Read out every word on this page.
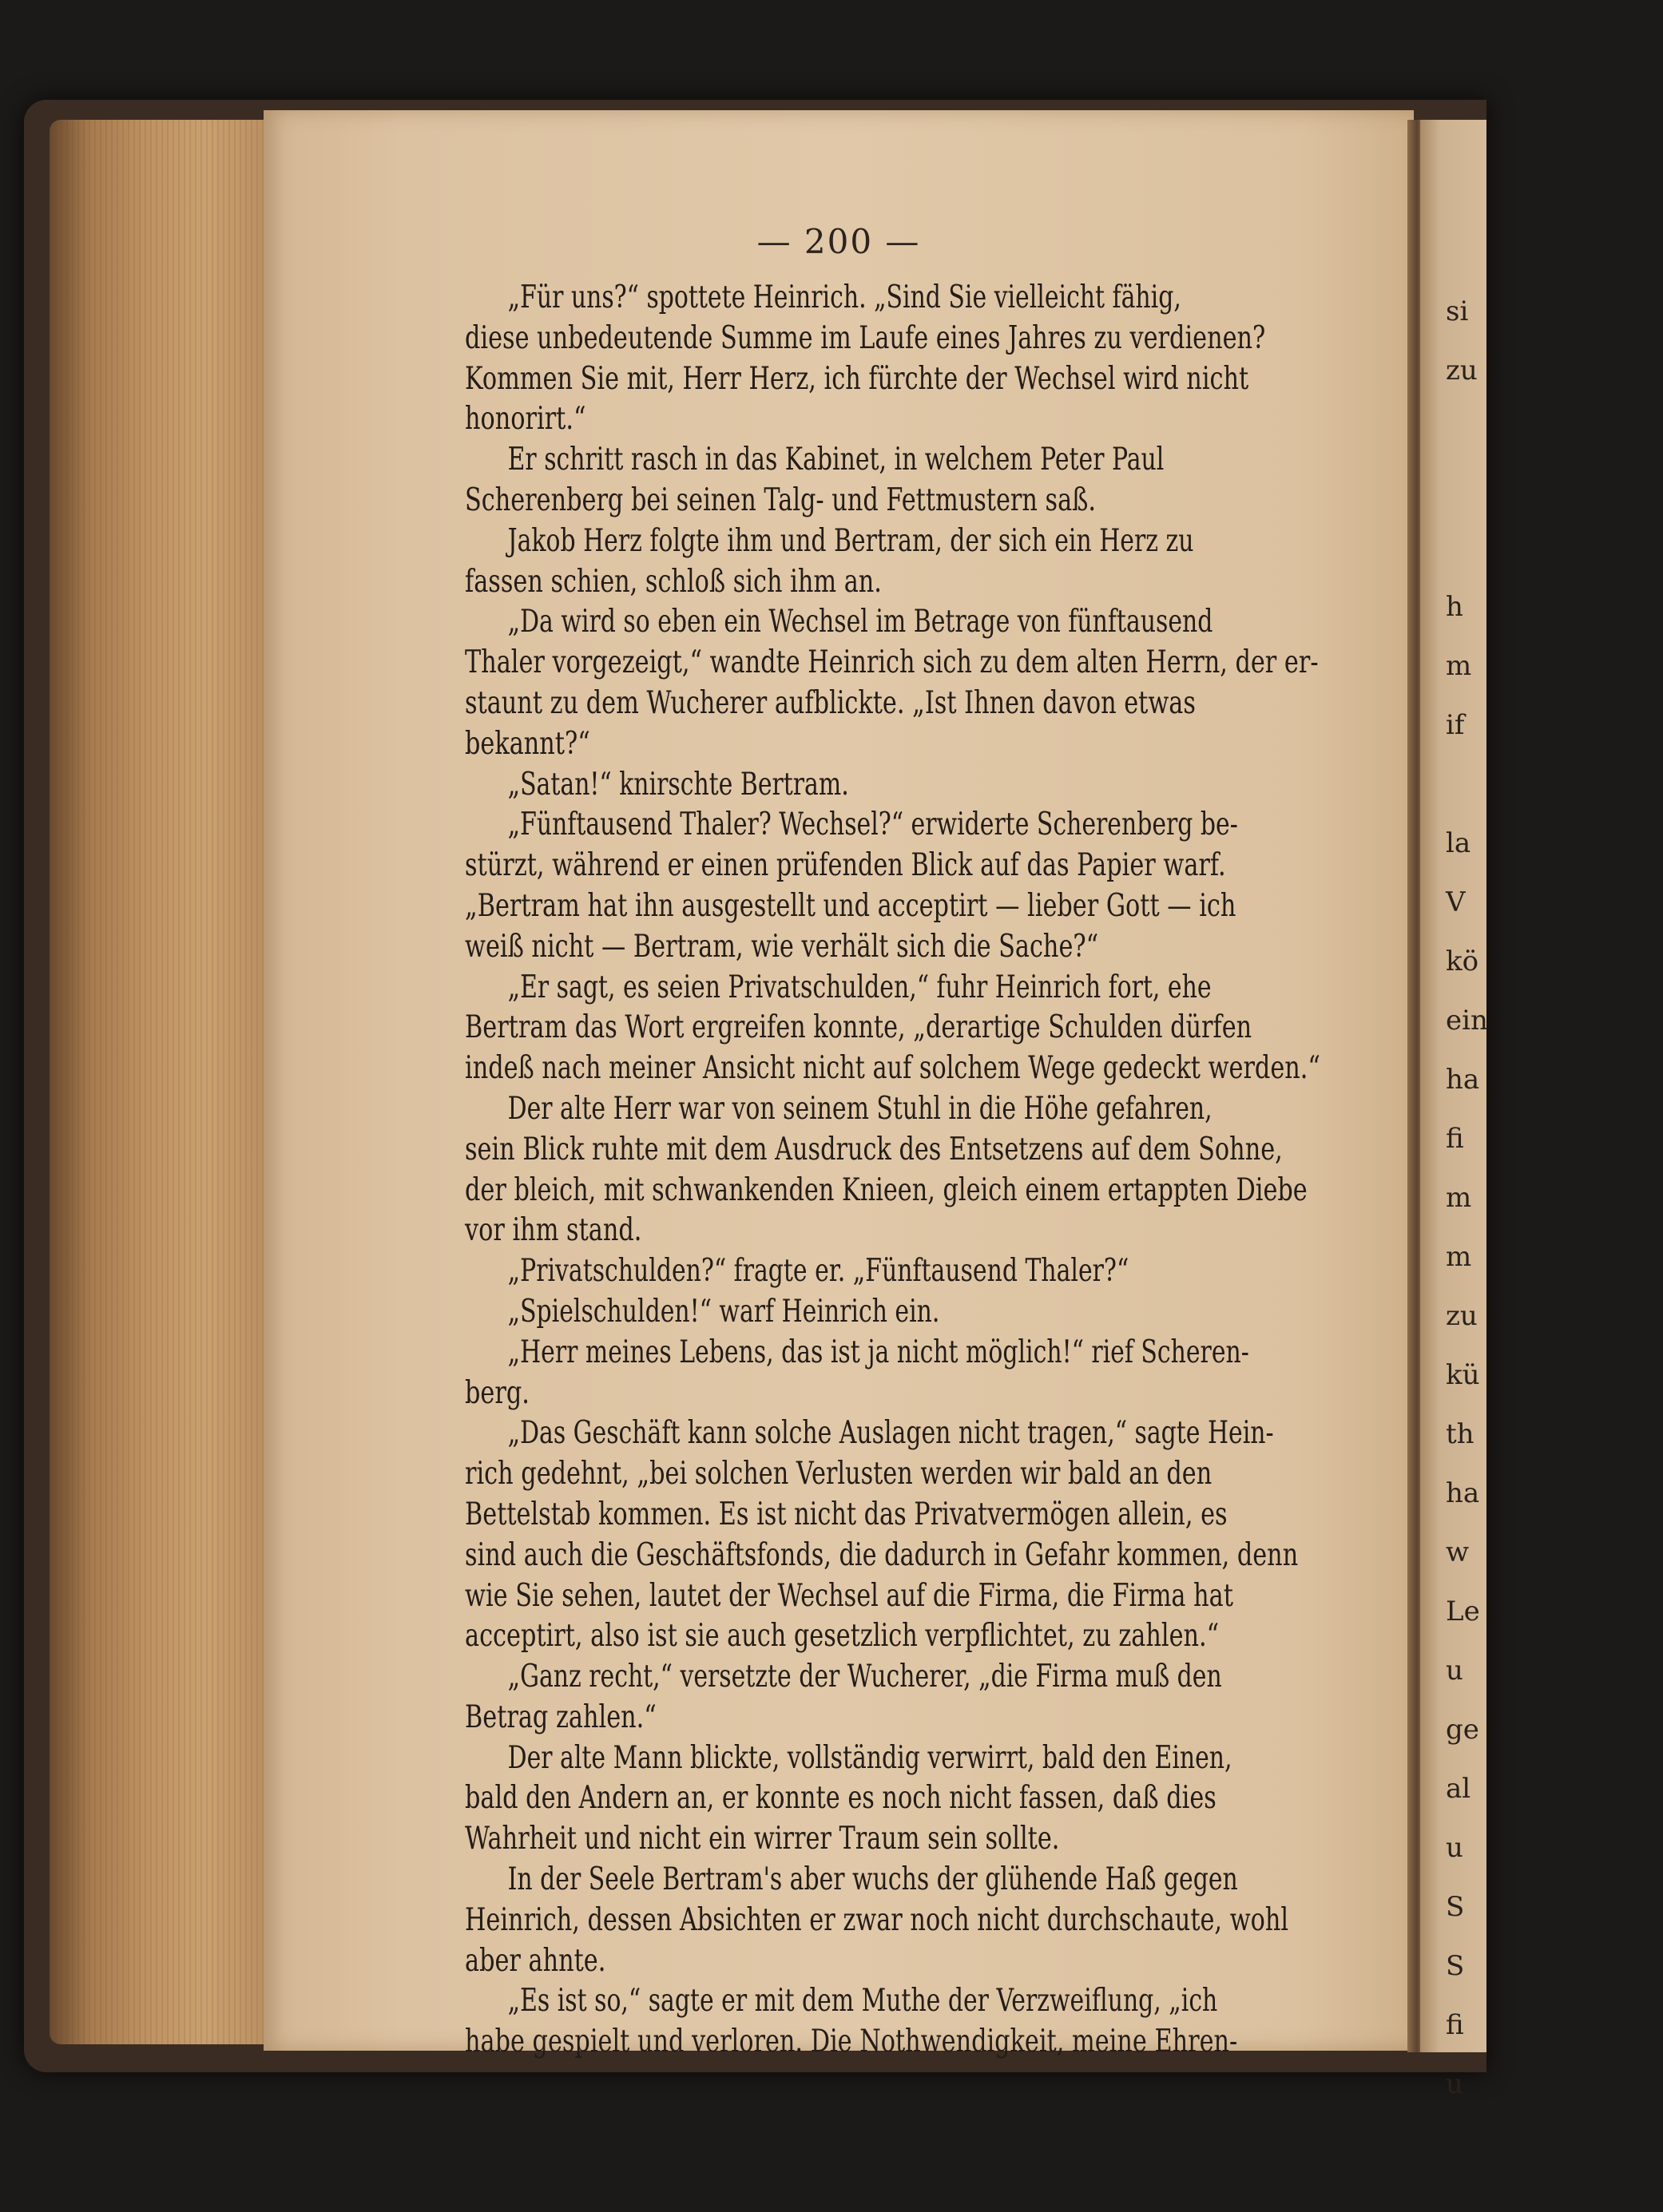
— 200 —
„Für uns?“ spottete Heinrich. „Sind Sie vielleicht fähig,
diese unbedeutende Summe im Laufe eines Jahres zu verdienen?
Kommen Sie mit, Herr Herz, ich fürchte der Wechsel wird nicht
honorirt.“
Er schritt rasch in das Kabinet, in welchem Peter Paul
Scherenberg bei seinen Talg- und Fettmustern saß.
Jakob Herz folgte ihm und Bertram, der sich ein Herz zu
fassen schien, schloß sich ihm an.
„Da wird so eben ein Wechsel im Betrage von fünftausend
Thaler vorgezeigt,“ wandte Heinrich sich zu dem alten Herrn, der er-
staunt zu dem Wucherer aufblickte. „Ist Ihnen davon etwas
bekannt?“
„Satan!“ knirschte Bertram.
„Fünftausend Thaler? Wechsel?“ erwiderte Scherenberg be-
stürzt, während er einen prüfenden Blick auf das Papier warf.
„Bertram hat ihn ausgestellt und acceptirt — lieber Gott — ich
weiß nicht — Bertram, wie verhält sich die Sache?“
„Er sagt, es seien Privatschulden,“ fuhr Heinrich fort, ehe
Bertram das Wort ergreifen konnte, „derartige Schulden dürfen
indeß nach meiner Ansicht nicht auf solchem Wege gedeckt werden.“
Der alte Herr war von seinem Stuhl in die Höhe gefahren,
sein Blick ruhte mit dem Ausdruck des Entsetzens auf dem Sohne,
der bleich, mit schwankenden Knieen, gleich einem ertappten Diebe
vor ihm stand.
„Privatschulden?“ fragte er. „Fünftausend Thaler?“
„Spielschulden!“ warf Heinrich ein.
„Herr meines Lebens, das ist ja nicht möglich!“ rief Scheren-
berg.
„Das Geschäft kann solche Auslagen nicht tragen,“ sagte Hein-
rich gedehnt, „bei solchen Verlusten werden wir bald an den
Bettelstab kommen. Es ist nicht das Privatvermögen allein, es
sind auch die Geschäftsfonds, die dadurch in Gefahr kommen, denn
wie Sie sehen, lautet der Wechsel auf die Firma, die Firma hat
acceptirt, also ist sie auch gesetzlich verpflichtet, zu zahlen.“
„Ganz recht,“ versetzte der Wucherer, „die Firma muß den
Betrag zahlen.“
Der alte Mann blickte, vollständig verwirrt, bald den Einen,
bald den Andern an, er konnte es noch nicht fassen, daß dies
Wahrheit und nicht ein wirrer Traum sein sollte.
In der Seele Bertram's aber wuchs der glühende Haß gegen
Heinrich, dessen Absichten er zwar noch nicht durchschaute, wohl
aber ahnte.
„Es ist so,“ sagte er mit dem Muthe der Verzweiflung, „ich
habe gespielt und verloren. Die Nothwendigkeit, meine Ehren-
si
zu
h
m
if
la
V
kö
ein
ha
fi
m
m
zu
kü
th
ha
w
Le
u
ge
al
u
S
S
fi
u
